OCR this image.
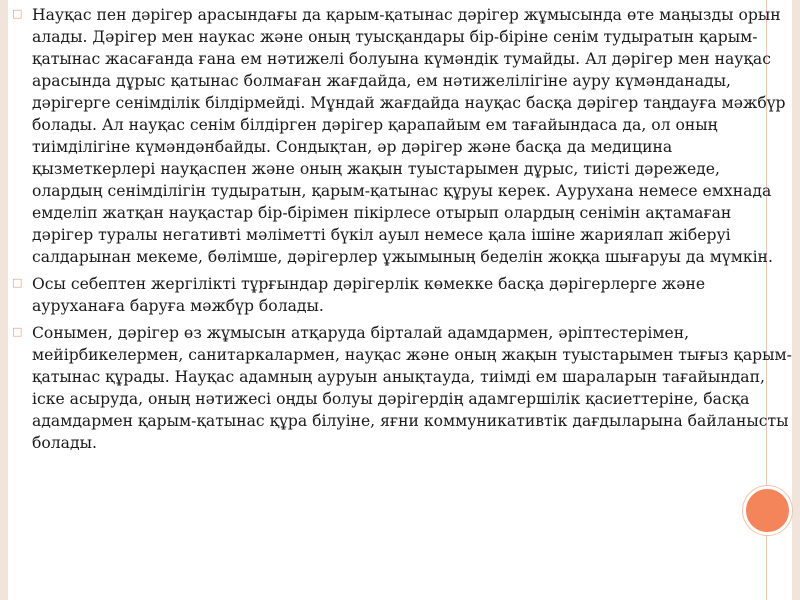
□ Науқас пен дәрігер арасындағы да қарым-қатынас дәрігер жұмысында өте маңызды орын алады. Дәрігер мен наукас және оның туысқандары бір-біріне сенім тудыратын қарым-қатынас жасағанда ғана ем нәтижелі болуына күмәндік тумайды. Ал дәрігер мен науқас арасында дұрыс қатынас болмаған жағдайда, ем нәтижелілігіне ауру күмәнданады, дәрігерге сенімділік білдірмейді. Мұндай жағдайда науқас басқа дәрігер таңдауға мәжбүр болады. Ал науқас сенім білдірген дәрігер қарапайым ем тағайындаса да, ол оның тиімділігіне күмәндәнбайды. Сондықтан, әр дәрігер және басқа да медицина қызметкерлері науқаспен және оның жақын туыстарымен дұрыс, тиісті дәрежеде, олардың сенімділігін тудыратын, қарым-қатынас құруы керек. Аурухана немесе емхнада емделіп жатқан науқастар бір-бірімен пікірлесе отырып олардың сенімін ақтамаған дәрігер туралы негативті мәліметті бүкіл ауыл немесе қала ішіне жариялап жіберуі салдарынан мекеме, бөлімше, дәрігерлер ұжымының беделін жоққа шығаруы да мүмкін.

□ Осы себептен жергілікті тұрғындар дәрігерлік көмекке басқа дәрігерлерге және ауруханаға баруға мәжбүр болады.

□ Сонымен, дәрігер өз жұмысын атқаруда бірталай адамдармен, әріптестерімен, мейірбикелермен, санитаркалармен, науқас және оның жақын туыстарымен тығыз қарым-қатынас құрады. Науқас адамның ауруын анықтауда, тиімді ем шараларын тағайындап, іске асыруда, оның нәтижесі оңды болуы дәрігердің адамгершілік қасиеттеріне, басқа адамдармен қарым-қатынас құра білуіне, яғни коммуникативтік дағдыларына байланысты болады.
